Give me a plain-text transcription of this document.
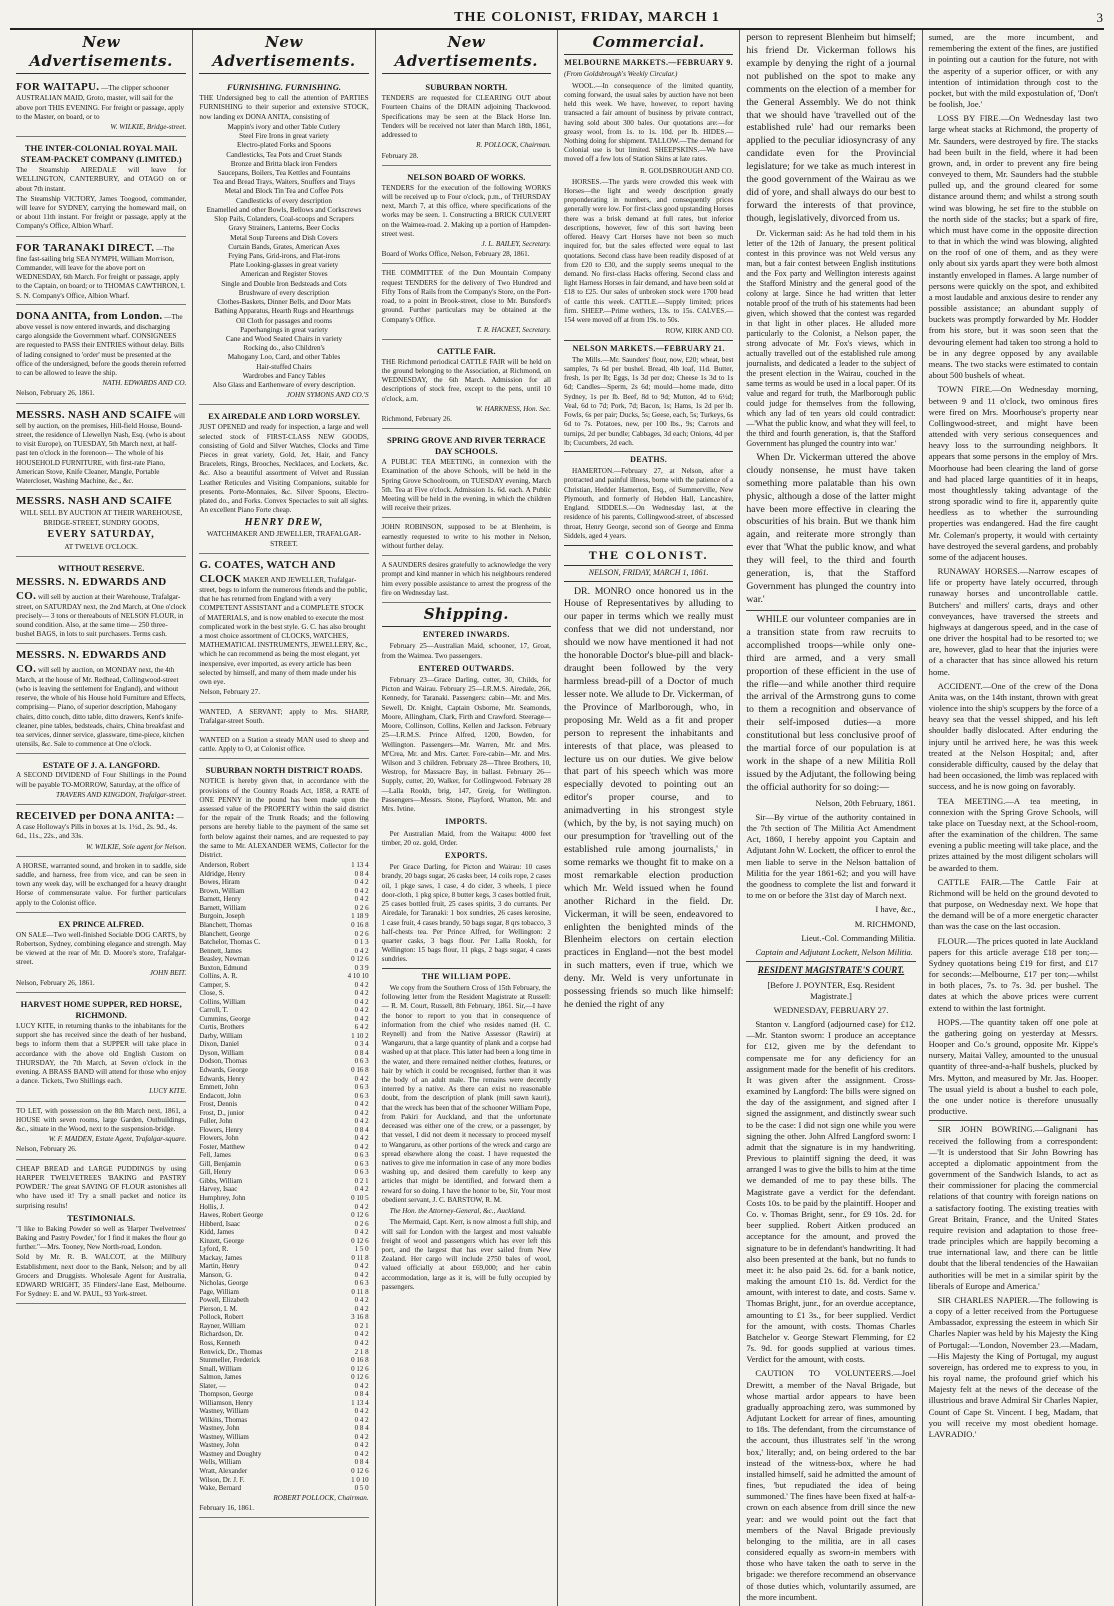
THE COLONIST, FRIDAY, MARCH 1	3
New Advertisements.
FOR WAITAPU. —The clipper schooner AUSTRALIAN MAID, Groto, master, will sail for the above port THIS EVENING. For freight or passage, apply to the Master, on board, or to

W. WILKIE, Bridge-street.

THE INTER-COLONIAL ROYAL MAIL STEAM-PACKET COMPANY (LIMITED.)

The Steamship AIREDALE will leave for WELLINGTON, CANTERBURY, and OTAGO on or about 7th instant.

The Steamship VICTORY, James Toogood, commander, will leave for SYDNEY, carrying the homeward mail, on or about 11th instant. For freight or passage, apply at the Company's Office, Albion Wharf.

FOR TARANAKI DIRECT. —The fine fast-sailing brig SEA NYMPH, William Morrison, Commander, will leave for the above port on WEDNESDAY, 6th March. For freight or passage, apply to the Captain, on board; or to THOMAS CAWTHRON, I. S. N. Company's Office, Albion Wharf.
DONA ANITA, from London. —The above vessel is now entered inwards, and discharging cargo alongside the Government wharf. CONSIGNEES are requested to PASS their ENTRIES without delay. Bills of lading consigned to 'order' must be presented at the office of the undersigned, before the goods therein referred to can be allowed to leave the ship.

NATH. EDWARDS AND CO.

Nelson, February 26, 1861.

MESSRS. NASH AND SCAIFE will sell by auction, on the premises, Hill-field House, Bound-street, the residence of Llewellyn Nash, Esq. (who is about to visit Europe), on TUESDAY, 5th March next, at half-past ten o'clock in the forenoon— The whole of his HOUSEHOLD FURNITURE, with first-rate Piano, American Stove, Knife Cleaner, Mangle, Portable Watercloset, Washing Machine, &c., &c.
MESSRS. NASH AND SCAIFE

WILL SELL BY AUCTION AT THEIR WAREHOUSE, BRIDGE-STREET, SUNDRY GOODS,

EVERY SATURDAY,

AT TWELVE O'CLOCK.

WITHOUT RESERVE.
MESSRS. N. EDWARDS AND CO. will sell by auction at their Warehouse, Trafalgar-street, on SATURDAY next, the 2nd March, at One o'clock precisely— 3 tons or thereabouts of NELSON FLOUR, in sound condition. Also, at the same time— 250 three-bushel BAGS, in lots to suit purchasers. Terms cash.
MESSRS. N. EDWARDS AND CO. will sell by auction, on MONDAY next, the 4th March, at the house of Mr. Redhead, Collingwood-street (who is leaving the settlement for England), and without reserve, the whole of his House hold Furniture and Effects, comprising— Piano, of superior description, Mahogany chairs, ditto couch, ditto table, ditto drawers, Kent's knife-cleaner, pine tables, bedsteads, chairs, China breakfast and tea services, dinner service, glassware, time-piece, kitchen utensils, &c. Sale to commence at One o'clock.
ESTATE OF J. A. LANGFORD.

A SECOND DIVIDEND of Four Shillings in the Pound will be payable TO-MORROW, Saturday, at the office of

TRAVERS AND KINGDON, Trafalgar-street.

RECEIVED per DONA ANITA: —A case Holloway's Pills in boxes at 1s. 1½d., 2s. 9d., 4s. 6d., 11s., 22s., and 33s.

W. WILKIE, Sole agent for Nelson.

A HORSE, warranted sound, and broken in to saddle, side saddle, and harness, free from vice, and can be seen in town any week day, will be exchanged for a heavy draught Horse of commensurate value. For further particulars apply to the Colonist office.

EX PRINCE ALFRED.

ON SALE—Two well-finished Sociable DOG CARTS, by Robertson, Sydney, combining elegance and strength. May be viewed at the rear of Mr. D. Moore's store, Trafalgar-street.

JOHN BEIT.

Nelson, February 26, 1861.

HARVEST HOME SUPPER, RED HORSE, RICHMOND.

LUCY KITE, in returning thanks to the inhabitants for the support she has received since the death of her husband, begs to inform them that a SUPPER will take place in accordance with the above old English Custom on THURSDAY, the 7th March, at Seven o'clock in the evening. A BRASS BAND will attend for those who enjoy a dance. Tickets, Two Shillings each.

LUCY KITE.

TO LET, with possession on the 8th March next, 1861, a HOUSE with seven rooms, large Garden, Outbuildings, &c., situate in the Wood, next to the suspension-bridge.

W. F. MAIDEN, Estate Agent, Trafalgar-square.

Nelson, February 26.

CHEAP BREAD and LARGE PUDDINGS by using HARPER TWELVETREES 'BAKING and PASTRY POWDER.' The great SAVING OF FLOUR astonishes all who have used it! Try a small packet and notice its surprising results!

TESTIMONIALS.

"I like to Baking Powder so well as 'Harper Twelvetrees' Baking and Pastry Powder,' for I find it makes the flour go further."—Mrs. Tooney, New North-road, London.

Sold by Mr. R. B. WALCOT, at the Millbury Establishment, next door to the Bank, Nelson; and by all Grocers and Druggists. Wholesale Agent for Australia, EDWARD WRIGHT, 35 Flinders'-lane East, Melbourne. For Sydney: E. and W. PAUL, 93 York-street.

New Advertisements.
FURNISHING. FURNISHING.

THE Undersigned beg to call the attention of PARTIES FURNISHING to their superior and extensive STOCK, now landing ex DONA ANITA, consisting of

Mappin's ivory and other Table Cutlery
Steel Fire Irons in great variety
Electro-plated Forks and Spoons
Candlesticks, Tea Pots and Cruet Stands
Bronze and Britta black iron Fenders
Saucepans, Boilers, Tea Kettles and Fountains
Tea and Bread Trays, Waiters, Snuffers and Trays
Metal and Block Tin Tea and Coffee Pots
Candlesticks of every description
Enamelled and other Bowls, Bellows and Corkscrews
Slop Pails, Colanders, Coal-scoops and Scrapers
Gravy Strainers, Lanterns, Beer Cocks
Metal Soup Tureens and Dish Covers
Curtain Bands, Grates, American Axes
Frying Pans, Grid-irons, and Flat-irons
Plate Looking-glasses in great variety
American and Register Stoves
Single and Double Iron Bedsteads and Cots
Brushware of every description
Clothes-Baskets, Dinner Bells, and Door Mats
Bathing Apparatus, Hearth Rugs and Hearthrugs
Oil Cloth for passages and rooms
Paperhangings in great variety
Cane and Wood Seated Chairs in variety
Rocking do., also Children's
Mahogany Loo, Card, and other Tables
Hair-stuffed Chairs
Wardrobes and Fancy Tables
Also Glass and Earthenware of every description.

JOHN SYMONS AND CO.'S

EX AIREDALE AND LORD WORSLEY.

JUST OPENED and ready for inspection, a large and well selected stock of FIRST-CLASS NEW GOODS, consisting of Gold and Silver Watches, Clocks and Time Pieces in great variety, Gold, Jet, Hair, and Fancy Bracelets, Rings, Brooches, Necklaces, and Lockets, &c. &c. Also a beautiful assortment of Velvet and Russian Leather Reticules and Visiting Companions, suitable for presents. Porte-Monnaies, &c. Silver Spoons, Electro-plated do., and Forks. Convex Spectacles to suit all sights. An excellent Piano Forte cheap.

HENRY DREW,

WATCHMAKER AND JEWELLER, TRAFALGAR-STREET.

G. COATES, WATCH AND CLOCK MAKER AND JEWELLER, Trafalgar-street, begs to inform the numerous friends and the public, that he has returned from England with a very COMPETENT ASSISTANT and a COMPLETE STOCK of MATERIALS, and is now enabled to execute the most complicated work in the best style. G. C. has also brought a most choice assortment of CLOCKS, WATCHES, MATHEMATICAL INSTRUMENTS, JEWELLERY, &c., which he can recommend as being the most elegant, yet inexpensive, ever imported, as every article has been selected by himself, and many of them made under his own eye.

Nelson, February 27.

WANTED, A SERVANT; apply to Mrs. SHARP, Trafalgar-street South.

WANTED on a Station a steady MAN used to sheep and cattle. Apply to O, at Colonist office.

SUBURBAN NORTH DISTRICT ROADS.

NOTICE is hereby given that, in accordance with the provisions of the Country Roads Act, 1858, a RATE of ONE PENNY in the pound has been made upon the assessed value of the PROPERTY within the said district for the repair of the Trunk Roads; and the following persons are hereby liable to the payment of the same set forth below against their names, and are requested to pay the same to Mr. ALEXANDER WEMS, Collector for the District.

Anderson, Robert	1 13 4
Aldridge, Henry	0 8 4
Bowes, Hiram	0 4 2
Brown, William	0 4 2
Barnett, Henry	0 4 2
Barnett, William	0 2 6
Burgoin, Joseph	1 18 9
Blanchett, Thomas	0 16 8
Blanchett, George	0 2 6
Batchelor, Thomas C.	0 1 3
Bennett, James	0 4 2
Beasley, Newman	0 12 6
Buxton, Edmund	0 3 9
Collins, A. R.	4 10 10
Camper, S.	0 4 2
Close, S.	0 4 2
Collins, William	0 4 2
Carroll, T.	0 4 2
Cummins, George	0 4 2
Curtis, Brothers	6 4 2
Darby, William	1 10 2
Dixon, Daniel	0 3 4
Dyson, William	0 8 4
Dodson, Thomas	0 6 3
Edwards, George	0 16 8
Edwards, Henry	0 4 2
Emmett, John	0 6 3
Endacott, John	0 6 3
Frost, Dennis	0 4 2
Frost, D., junior	0 4 2
Fuller, John	0 4 2
Flowers, Henry	0 8 4
Flowers, John	0 4 2
Foster, Matthew	0 4 2
Fell, James	0 6 3
Gill, Benjamin	0 6 3
Gill, Henry	0 6 3
Gibbs, William	0 2 1
Harvey, Isaac	0 4 2
Humphrey, John	0 10 5
Hollis, J.	0 4 2
Hawes, Robert George	0 12 6
Hibberd, Isaac	0 2 6
Kidd, James	0 4 2
Kinzett, George	0 12 6
Lyford, R.	1 5 0
Mackay, James	0 11 8
Martin, Henry	0 4 2
Manson, G.	0 4 2
Nicholas, George	0 6 3
Page, William	0 11 8
Powell, Elizabeth	0 4 2
Pierson, I. M.	0 4 2
Pollock, Robert	3 16 8
Rayner, William	0 2 1
Richardson, Dr.	0 4 2
Ross, Kenneth	0 4 2
Renwick, Dr., Thomas	2 1 8
Stunmeller, Frederick	0 16 8
Small, William	0 12 6
Salmon, James	0 12 6
Slater, —	0 4 2
Thompson, George	0 8 4
Williamson, Henry	1 13 4
Wastney, William	0 4 2
Wilkins, Thomas	0 4 2
Wastney, John	0 8 4
Wastney, William	0 4 2
Wastney, John	0 4 2
Wastney and Doughty	0 4 2
Wells, William	0 8 4
Wratt, Alexander	0 12 6
Wilson, Dr. J. F.	1 0 10
Wake, Bernard	0 5 0

ROBERT POLLOCK, Chairman.

February 16, 1861.

New Advertisements.
SUBURBAN NORTH.

TENDERS are requested for CLEARING OUT about Fourteen Chains of the DRAIN adjoining Thackwood. Specifications may be seen at the Black Horse Inn. Tenders will be received not later than March 18th, 1861, addressed to

R. POLLOCK, Chairman.

February 28.

NELSON BOARD OF WORKS.

TENDERS for the execution of the following WORKS will be received up to Four o'clock, p.m., of THURSDAY next, March 7, at this office, where specifications of the works may be seen. 1. Constructing a BRICK CULVERT on the Waimea-road. 2. Making up a portion of Hampden-street west.

J. L. BAILEY, Secretary.

Board of Works Office, Nelson, February 28, 1861.

THE COMMITTEE of the Dun Mountain Company request TENDERS for the delivery of Two Hundred and Fifty Tons of Rails from the Company's Store, on the Port-road, to a point in Brook-street, close to Mr. Bunsford's ground. Further particulars may be obtained at the Company's Office.

T. R. HACKET, Secretary.

CATTLE FAIR.

THE Richmond periodical CATTLE FAIR will be held on the ground belonging to the Association, at Richmond, on WEDNESDAY, the 6th March. Admission for all descriptions of stock free, except to the pens, until 10 o'clock, a.m.

W. HARKNESS, Hon. Sec.

Richmond, February 26.

SPRING GROVE AND RIVER TERRACE DAY SCHOOLS.

A PUBLIC TEA MEETING, in connexion with the Examination of the above Schools, will be held in the Spring Grove Schoolroom, on TUESDAY evening, March 5th. Tea at Five o'clock. Admission 1s. 6d. each. A Public Meeting will be held in the evening, in which the children will receive their prizes.

JOHN ROBINSON, supposed to be at Blenheim, is earnestly requested to write to his mother in Nelson, without further delay.

A SAUNDERS desires gratefully to acknowledge the very prompt and kind manner in which his neighbours rendered him every possible assistance to arrest the progress of the fire on Wednesday last.

Shipping.
ENTERED INWARDS.

February 25—Australian Maid, schooner, 17, Groat, from the Waimea. Two passengers.

ENTERED OUTWARDS.

February 23—Grace Darling, cutter, 30, Childs, for Picton and Wairau. February 25—I.R.M.S. Airedale, 266, Kennedy, for Taranaki. Passengers: cabin—Mr. and Mrs. Sewell, Dr. Knight, Captain Osborne, Mr. Seamonds, Moore, Allingham, Clark, Firth and Crawford. Steerage—Moore, Collinson, Collins, Kellen and Jackson. February 25—I.R.M.S. Prince Alfred, 1200, Bowden, for Wellington. Passengers—Mr. Warren, Mr. and Mrs. M'Crea, Mr. and Mrs. Carter. Fore-cabin—Mr. and Mrs. Wilson and 3 children. February 28—Three Brothers, 10, Westrop, for Massacre Bay, in ballast. February 26—Supply, cutter, 20, Walker, for Collingwood. February 28—Lalla Rookh, brig, 147, Greig, for Wellington. Passengers—Messrs. Stone, Playford, Wratton, Mr. and Mrs. Ivtine.

IMPORTS.

Per Australian Maid, from the Waitapu: 4000 feet timber, 20 oz. gold, Order.

EXPORTS.

Per Grace Darling, for Picton and Wairau: 10 cases brandy, 20 bags sugar, 26 casks beer, 14 coils rope, 2 cases oil, 1 pkge saws, 1 case, 4 do cider, 3 wheels, 1 piece door-cloth, 1 pkg spice, 8 butter kegs, 3 cases bottled fruit, 25 cases bottled fruit, 25 cases spirits, 3 do currants. Per Airedale, for Taranaki: 1 box sundries, 26 cases kerosine, 1 case fruit, 4 cases brandy, 50 bags sugar, 8 qrs tobacco, 3 half-chests tea. Per Prince Alfred, for Wellington: 2 quarter casks, 3 bags flour. Per Lalla Rookh, for Wellington: 15 bags flour, 11 pkgs, 2 bags sugar, 4 cases sundries.

THE WILLIAM POPE.

We copy from the Southern Cross of 15th February, the following letter from the Resident Magistrate at Russell:— R. M. Court, Russell, 8th February, 1861. Sir,—I have the honor to report to you that in consequence of information from the chief who resides named (H. C. Reynell) and from the Native Assessor (Rawiri) at Wangaruru, that a large quantity of plank and a corpse had washed up at that place. This latter had been a long time in the water, and there remained neither clothes, features, or hair by which it could be recognised, further than it was the body of an adult male. The remains were decently interred by a native. As there can exist no reasonable doubt, from the description of plank (mill sawn kauri), that the wreck has been that of the schooner William Pope, from Pakiri for Auckland, and that the unfortunate deceased was either one of the crew, or a passenger, by that vessel, I did not deem it necessary to proceed myself to Wangaruru, as other portions of the wreck and cargo are spread elsewhere along the coast. I have requested the natives to give me information in case of any more bodies washing up, and desired them carefully to keep any articles that might be identified, and forward them a reward for so doing. I have the honor to be, Sir, Your most obedient servant, J. C. BARSTOW, R. M.

The Hon. the Attorney-General, &c., Auckland.

The Mermaid, Capt. Kerr, is now almost a full ship, and will sail for London with the largest and most valuable freight of wool and passengers which has ever left this port, and the largest that has ever sailed from New Zealand. Her cargo will include 2750 bales of wool, valued officially at about £69,000; and her cabin accommodation, large as it is, will be fully occupied by passengers.

Commercial.
MELBOURNE MARKETS.—FEBRUARY 9.

(From Goldsbrough's Weekly Circular.)

WOOL.—In consequence of the limited quantity, coming forward, the usual sales by auction have not been held this week. We have, however, to report having transacted a fair amount of business by private contract, having sold about 300 bales. Our quotations are:—for greasy wool, from 1s. to 1s. 10d. per lb. HIDES.—Nothing doing for shipment. TALLOW.—The demand for Colonial use is but limited. SHEEPSKINS.—We have moved off a few lots of Station Skins at late rates.

R. GOLDSBROUGH AND CO.

HORSES.—The yards were crowded this week with Horses—the light and weedy description greatly preponderating in numbers, and consequently prices generally were low. For first-class good upstanding Horses there was a brisk demand at full rates, but inferior descriptions, however, few of this sort having been offered. Heavy Cart Horses have not been so much inquired for, but the sales effected were equal to last quotations. Second class have been readily disposed of at from £20 to £30, and the supply seems unequal to the demand. No first-class Hacks offering. Second class and light Harness Horses in fair demand, and have been sold at £18 to £25. Our sales of unbroken stock were 1700 head of cattle this week. CATTLE.—Supply limited; prices firm. SHEEP.—Prime wethers, 13s. to 15s. CALVES.—154 were moved off at from 19s. to 50s.

ROW, KIRK AND CO.

NELSON MARKETS.—FEBRUARY 21.

The Mills.—Mr. Saunders' flour, now, £20; wheat, best samples, 7s 6d per bushel. Bread, 4lb loaf, 11d. Butter, fresh, 1s per lb; Eggs, 1s 3d per doz; Cheese 1s 3d to 1s 6d; Candles—Sperm, 2s 6d; mould—home made, ditto Sydney, 1s per lb. Beef, 8d to 9d; Mutton, 4d to 6½d; Veal, 6d to 7d; Pork, 7d; Bacon, 1s; Hams, 1s 2d per lb. Fowls, 6s per pair; Ducks, 5s; Geese, each, 5s; Turkeys, 6s 6d to 7s. Potatoes, new, per 100 lbs., 9s; Carrots and turnips, 2d per bundle; Cabbages, 3d each; Onions, 4d per lb; Cucumbers, 2d each.

DEATHS.

HAMERTON.—February 27, at Nelson, after a protracted and painful illness, borne with the patience of a Christian, Hedder Hamerton, Esq., of Summerville, New Plymouth, and formerly of Hebden Hall, Lancashire, England. SIDDELS.—On Wednesday last, at the residence of his parents, Collingwood-street, of abscessed throat, Henry George, second son of George and Emma Siddels, aged 4 years.

THE COLONIST.
NELSON, FRIDAY, MARCH 1, 1861.

DR. MONRO once honored us in the House of Representatives by alluding to our paper in terms which we really must confess that we did not understand, nor should we now have mentioned it had not the honorable Doctor's blue-pill and black-draught been followed by the very harmless bread-pill of a Doctor of much lesser note. We allude to Dr. Vickerman, of the Province of Marlborough, who, in proposing Mr. Weld as a fit and proper person to represent the inhabitants and interests of that place, was pleased to lecture us on our duties. We give below that part of his speech which was more especially devoted to pointing out an editor's proper course, and to animadverting in his strongest style (which, by the by, is not saying much) on our presumption for 'travelling out of the established rule among journalists,' in some remarks we thought fit to make on a most remarkable election production which Mr. Weld issued when he found another Richard in the field. Dr. Vickerman, it will be seen, endeavored to enlighten the benighted minds of the Blenheim electors on certain election practices in England—not the best model in such matters, even if true, which we deny. Mr. Weld is very unfortunate in possessing friends so much like himself: he denied the right of any

person to represent Blenheim but himself; his friend Dr. Vickerman follows his example by denying the right of a journal not published on the spot to make any comments on the election of a member for the General Assembly. We do not think that we should have 'travelled out of the established rule' had our remarks been applied to the peculiar idiosyncrasy of any candidate even for the Provincial legislature; for we take as much interest in the good government of the Wairau as we did of yore, and shall always do our best to forward the interests of that province, though, legislatively, divorced from us.

Dr. Vickerman said: As he had told them in his letter of the 12th of January, the present political contest in this province was not Weld versus any man, but a fair contest between English institutions and the Fox party and Wellington interests against the Stafford Ministry and the general good of the colony at large. Since he had written that letter notable proof of the truth of his statements had been given, which showed that the contest was regarded in that light in other places. He alluded more particularly to the Colonist, a Nelson paper, the strong advocate of Mr. Fox's views, which in actually travelled out of the established rule among journalists, and dedicated a leader to the subject of the present election in the Wairau, couched in the same terms as would be used in a local paper. Of its value and regard for truth, the Marlborough public could judge for themselves from the following, which any lad of ten years old could contradict:—'What the public know, and what they will feel, to the third and fourth generation, is, that the Stafford Government has plunged the country into war.'

When Dr. Vickerman uttered the above cloudy nonsense, he must have taken something more palatable than his own physic, although a dose of the latter might have been more effective in clearing the obscurities of his brain. But we thank him again, and reiterate more strongly than ever that 'What the public know, and what they will feel, to the third and fourth generation, is, that the Stafford Government has plunged the country into war.'

WHILE our volunteer companies are in a transition state from raw recruits to accomplished troops—while only one-third are armed, and a very small proportion of these efficient in the use of the rifle—and while another third require the arrival of the Armstrong guns to come to them a recognition and observance of their self-imposed duties—a more constitutional but less conclusive proof of the martial force of our population is at work in the shape of a new Militia Roll issued by the Adjutant, the following being the official authority for so doing:—

Nelson, 20th February, 1861.

Sir—By virtue of the authority contained in the 7th section of The Militia Act Amendment Act, 1860, I hereby appoint you Captain and Adjutant John W. Lockett, the officer to enrol the men liable to serve in the Nelson battalion of Militia for the year 1861-62; and you will have the goodness to complete the list and forward it to me on or before the 31st day of March next.

I have, &c.,

M. RICHMOND,

Lieut.-Col. Commanding Militia.

Captain and Adjutant Lockett, Nelson Militia.

RESIDENT MAGISTRATE'S COURT.

[Before J. POYNTER, Esq. Resident Magistrate.]

WEDNESDAY, FEBRUARY 27.

Stanton v. Langford (adjourned case) for £12.—Mr. Stanton sworn: I produce an acceptance for £12, given me by the defendant to compensate me for any deficiency for an assignment made for the benefit of his creditors. It was given after the assignment. Cross-examined by Langford: The bills were signed on the day of the assignment, and signed after I signed the assignment, and distinctly swear such to be the case: I did not sign one while you were signing the other. John Alfred Langford sworn: I admit that the signature is in my handwriting. Previous to plaintiff signing the deed, it was arranged I was to give the bills to him at the time we demanded of me to pay these bills. The Magistrate gave a verdict for the defendant. Costs 10s. to be paid by the plaintiff. Hooper and Co. v. Thomas Bright, senr., for £9 10s. 2d. for beer supplied. Robert Aitken produced an acceptance for the amount, and proved the signature to be in defendant's handwriting. It had also been presented at the bank, but no funds to meet it: he also paid 2s. 6d. for a bank notice, making the amount £10 1s. 8d. Verdict for the amount, with interest to date, and costs. Same v. Thomas Bright, junr., for an overdue acceptance, amounting to £1 3s., for beer supplied. Verdict for the amount, with costs. Thomas Charles Batchelor v. George Stewart Flemming, for £2 7s. 9d. for goods supplied at various times. Verdict for the amount, with costs.

CAUTION TO VOLUNTEERS.—Joel Drewitt, a member of the Naval Brigade, but whose martial ardor appears to have been gradually approaching zero, was summoned by Adjutant Lockett for arrear of fines, amounting to 18s. The defendant, from the circumstance of the account, thus illustrates self 'in the wrong box,' literally; and, on being ordered to the bar instead of the witness-box, where he had installed himself, said he admitted the amount of fines, 'but repudiated the idea of being summoned.' The fines have been fixed at half-a-crown on each absence from drill since the new year: and we would point out the fact that members of the Naval Brigade previously belonging to the militia, are in all cases considered equally as sworn-in members with those who have taken the oath to serve in the brigade: we therefore recommend an observance of those duties which, voluntarily assumed, are the more incumbent.

sumed, are the more incumbent, and remembering the extent of the fines, are justified in pointing out a caution for the future, not with the asperity of a superior officer, or with any intention of intimidation through cost to the pocket, but with the mild expostulation of, 'Don't be foolish, Joe.'

LOSS BY FIRE.—On Wednesday last two large wheat stacks at Richmond, the property of Mr. Saunders, were destroyed by fire. The stacks had been built in the field, where it had been grown, and, in order to prevent any fire being conveyed to them, Mr. Saunders had the stubble pulled up, and the ground cleared for some distance around them; and whilst a strong south wind was blowing, he set fire to the stubble on the north side of the stacks; but a spark of fire, which must have come in the opposite direction to that in which the wind was blowing, alighted on the roof of one of them, and as they were only about six yards apart they were both almost instantly enveloped in flames. A large number of persons were quickly on the spot, and exhibited a most laudable and anxious desire to render any possible assistance; an abundant supply of buckets was promptly forwarded by Mr. Hodder from his store, but it was soon seen that the devouring element had taken too strong a hold to be in any degree opposed by any available means. The two stacks were estimated to contain about 500 bushels of wheat.

TOWN FIRE.—On Wednesday morning, between 9 and 11 o'clock, two ominous fires were fired on Mrs. Moorhouse's property near Collingwood-street, and might have been attended with very serious consequences and heavy loss to the surrounding neighbors. It appears that some persons in the employ of Mrs. Moorhouse had been clearing the land of gorse and had placed large quantities of it in heaps, most thoughtlessly taking advantage of the strong sporadic wind to fire it, apparently quite heedless as to whether the surrounding properties was endangered. Had the fire caught Mr. Coleman's property, it would with certainty have destroyed the several gardens, and probably some of the adjacent houses.

RUNAWAY HORSES.—Narrow escapes of life or property have lately occurred, through runaway horses and uncontrollable cattle. Butchers' and millers' carts, drays and other conveyances, have traversed the streets and highways at dangerous speed, and in the case of one driver the hospital had to be resorted to; we are, however, glad to hear that the injuries were of a character that has since allowed his return home.

ACCIDENT.—One of the crew of the Dona Anita was, on the 14th instant, thrown with great violence into the ship's scuppers by the force of a heavy sea that the vessel shipped, and his left shoulder badly dislocated. After enduring the injury until he arrived here, he was this week treated at the Nelson Hospital; and, after considerable difficulty, caused by the delay that had been occasioned, the limb was replaced with success, and he is now going on favorably.

TEA MEETING.—A tea meeting, in connexion with the Spring Grove Schools, will take place on Tuesday next, at the School-room, after the examination of the children. The same evening a public meeting will take place, and the prizes attained by the most diligent scholars will be awarded to them.

CATTLE FAIR.—The Cattle Fair at Richmond will be held on the ground devoted to that purpose, on Wednesday next. We hope that the demand will be of a more energetic character than was the case on the last occasion.

FLOUR.—The prices quoted in late Auckland papers for this article average £18 per ton;—Sydney quotations being £19 for first, and £17 for seconds:—Melbourne, £17 per ton;—whilst in both places, 7s. to 7s. 3d. per bushel. The dates at which the above prices were current extend to within the last fortnight.

HOPS.—The quantity taken off one pole at the gathering going on yesterday at Messrs. Hooper and Co.'s ground, opposite Mr. Kippe's nursery, Maitai Valley, amounted to the unusual quantity of three-and-a-half bushels, plucked by Mrs. Mytton, and measured by Mr. Jas. Hooper. The usual yield is about a bushel to each pole, the one under notice is therefore unusually productive.

SIR JOHN BOWRING.—Galignani has received the following from a correspondent:—'It is understood that Sir John Bowring has accepted a diplomatic appointment from the government of the Sandwich Islands, to act as their commissioner for placing the commercial relations of that country with foreign nations on a satisfactory footing. The existing treaties with Great Britain, France, and the United States require revision and adaptation to those free-trade principles which are happily becoming a true international law, and there can be little doubt that the liberal tendencies of the Hawaiian authorities will be met in a similar spirit by the liberals of Europe and America.'

SIR CHARLES NAPIER.—The following is a copy of a letter received from the Portuguese Ambassador, expressing the esteem in which Sir Charles Napier was held by his Majesty the King of Portugal:—'London, November 23.—Madam,—His Majesty the King of Portugal, my august sovereign, has ordered me to express to you, in his royal name, the profound grief which his Majesty felt at the news of the decease of the illustrious and brave Admiral Sir Charles Napier, Count of Cape St. Vincent. I beg, Madam, that you will receive my most obedient homage. LAVRADIO.'
